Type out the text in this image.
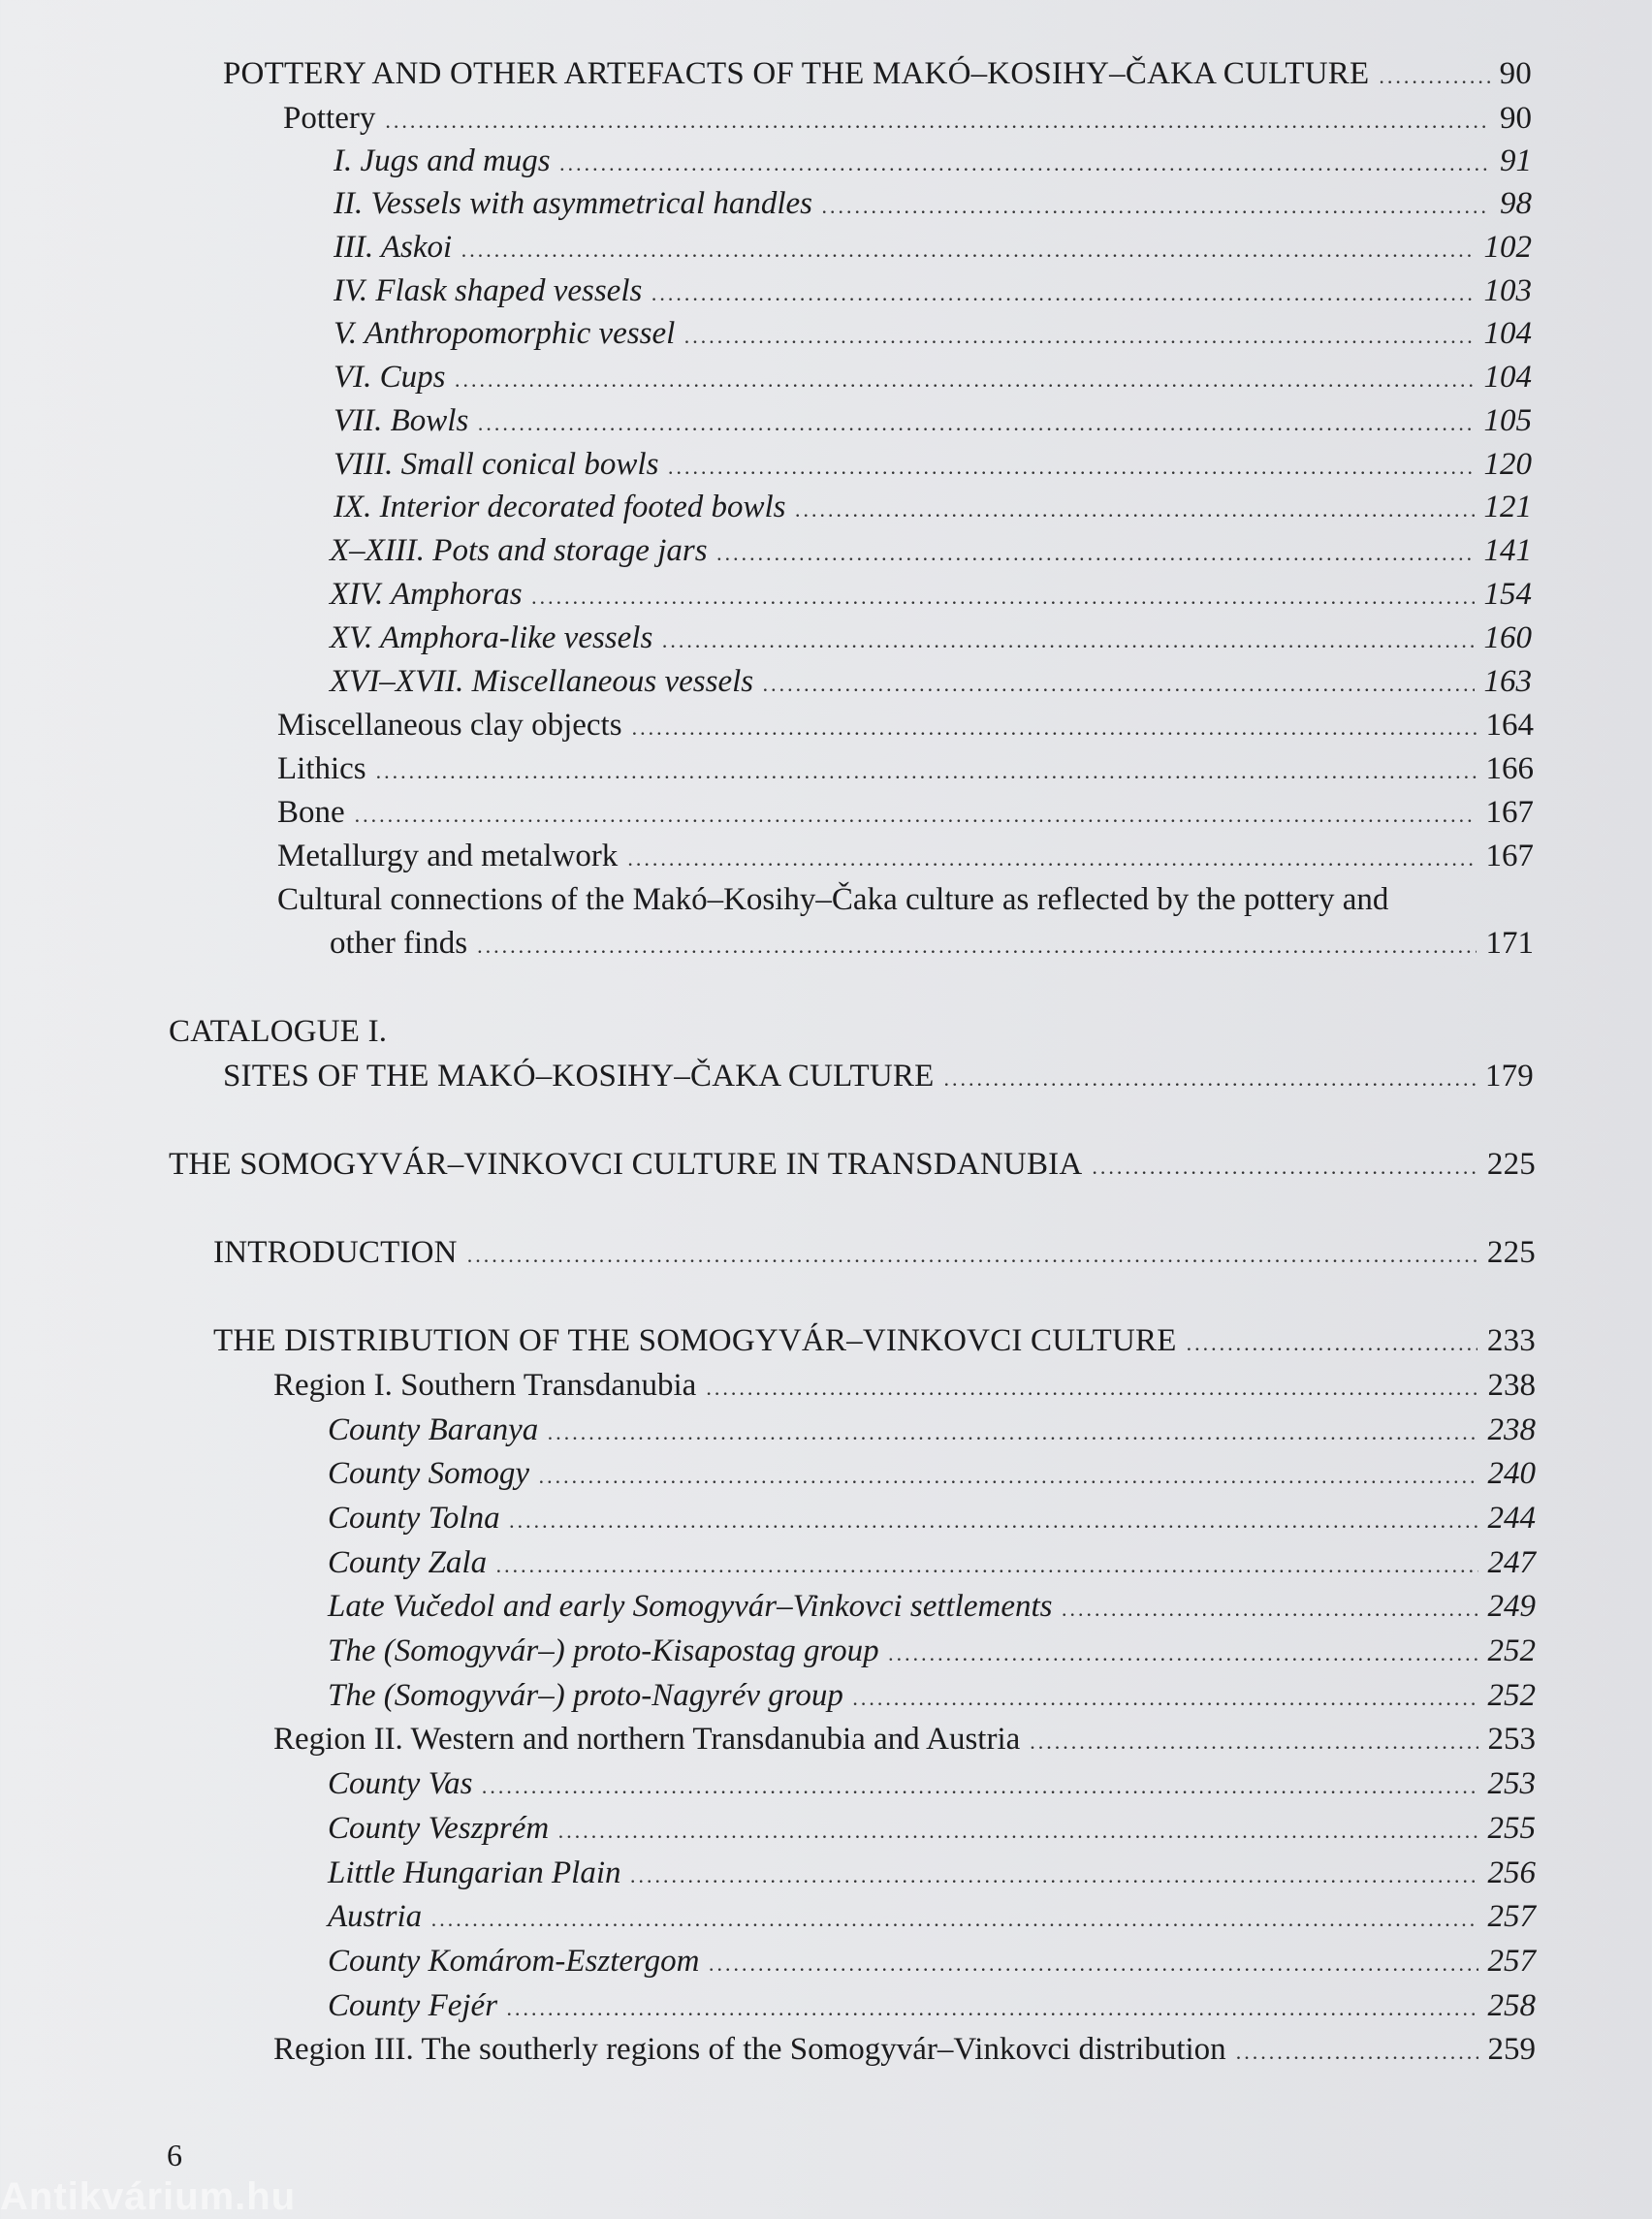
POTTERY AND OTHER ARTEFACTS OF THE MAKÓ–KOSIHY–ČAKA CULTURE .....	90
Pottery .....	90
I. Jugs and mugs .....	91
II. Vessels with asymmetrical handles .....	98
III. Askoi .....	102
IV. Flask shaped vessels .....	103
V. Anthropomorphic vessel .....	104
VI. Cups .....	104
VII. Bowls .....	105
VIII. Small conical bowls .....	120
IX. Interior decorated footed bowls .....	121
X–XIII. Pots and storage jars .....	141
XIV. Amphoras .....	154
XV. Amphora-like vessels .....	160
XVI–XVII. Miscellaneous vessels .....	163
Miscellaneous clay objects .....	164
Lithics .....	166
Bone .....	167
Metallurgy and metalwork .....	167
Cultural connections of the Makó–Kosihy–Čaka culture as reflected by the pottery and
other finds .....	171
CATALOGUE I.
SITES OF THE MAKÓ–KOSIHY–ČAKA CULTURE .....	179
THE SOMOGYVÁR–VINKOVCI CULTURE IN TRANSDANUBIA .....	225
INTRODUCTION .....	225
THE DISTRIBUTION OF THE SOMOGYVÁR–VINKOVCI CULTURE .....	233
Region I. Southern Transdanubia .....	238
County Baranya .....	238
County Somogy .....	240
County Tolna .....	244
County Zala .....	247
Late Vučedol and early Somogyvár–Vinkovci settlements .....	249
The (Somogyvár–) proto-Kisapostag group .....	252
The (Somogyvár–) proto-Nagyrév group .....	252
Region II. Western and northern Transdanubia and Austria .....	253
County Vas .....	253
County Veszprém .....	255
Little Hungarian Plain .....	256
Austria .....	257
County Komárom-Esztergom .....	257
County Fejér .....	258
Region III. The southerly regions of the Somogyvár–Vinkovci distribution .....	259
6
Antikvárium.hu
